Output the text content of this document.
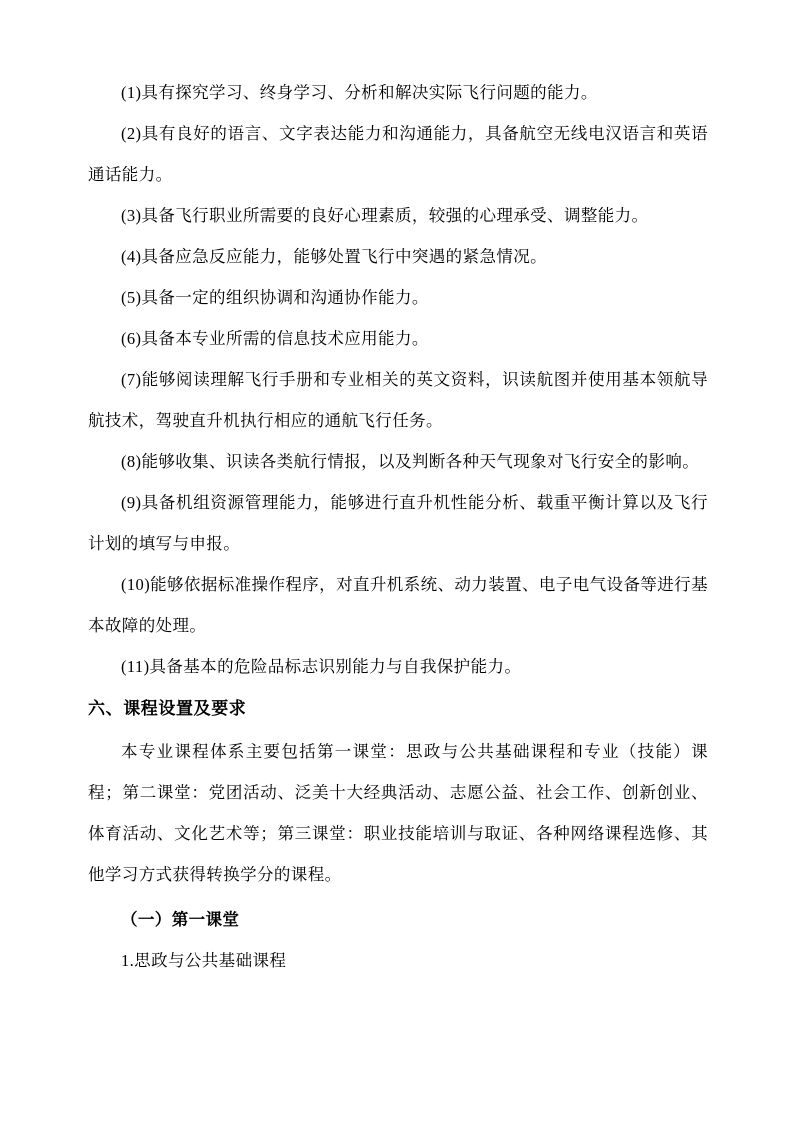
(1)具有探究学习、终身学习、分析和解决实际飞行问题的能力。

(2)具有良好的语言、文字表达能力和沟通能力，具备航空无线电汉语言和英语通话能力。

(3)具备飞行职业所需要的良好心理素质，较强的心理承受、调整能力。

(4)具备应急反应能力，能够处置飞行中突遇的紧急情况。

(5)具备一定的组织协调和沟通协作能力。

(6)具备本专业所需的信息技术应用能力。

(7)能够阅读理解飞行手册和专业相关的英文资料，识读航图并使用基本领航导航技术，驾驶直升机执行相应的通航飞行任务。

(8)能够收集、识读各类航行情报，以及判断各种天气现象对飞行安全的影响。

(9)具备机组资源管理能力，能够进行直升机性能分析、载重平衡计算以及飞行计划的填写与申报。

(10)能够依据标准操作程序，对直升机系统、动力装置、电子电气设备等进行基本故障的处理。

(11)具备基本的危险品标志识别能力与自我保护能力。

六、课程设置及要求

本专业课程体系主要包括第一课堂：思政与公共基础课程和专业（技能）课程；第二课堂：党团活动、泛美十大经典活动、志愿公益、社会工作、创新创业、体育活动、文化艺术等；第三课堂：职业技能培训与取证、各种网络课程选修、其他学习方式获得转换学分的课程。

（一）第一课堂

1.思政与公共基础课程
